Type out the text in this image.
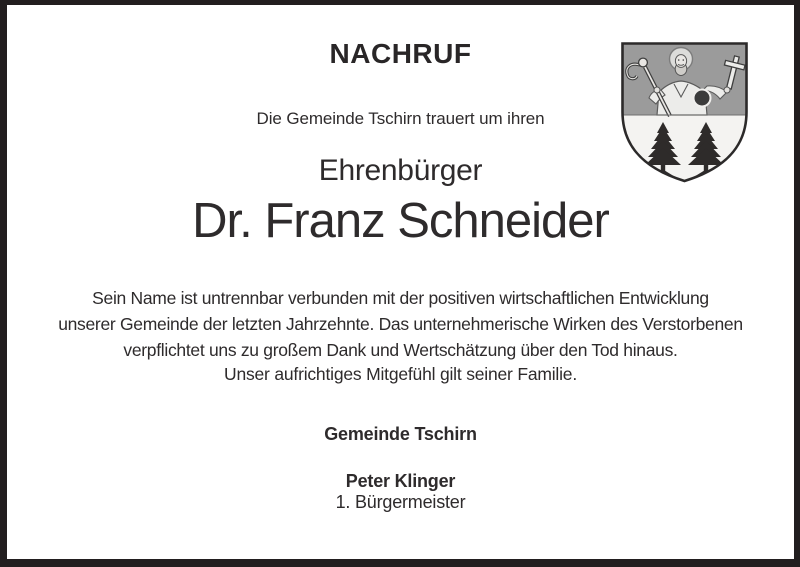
NACHRUF
Die Gemeinde Tschirn trauert um ihren
Ehrenbürger
Dr. Franz Schneider
Sein Name ist untrennbar verbunden mit der positiven wirtschaftlichen Entwicklung
unserer Gemeinde der letzten Jahrzehnte. Das unternehmerische Wirken des Verstorbenen
verpflichtet uns zu großem Dank und Wertschätzung über den Tod hinaus.
Unser aufrichtiges Mitgefühl gilt seiner Familie.
Gemeinde Tschirn
Peter Klinger
1. Bürgermeister
